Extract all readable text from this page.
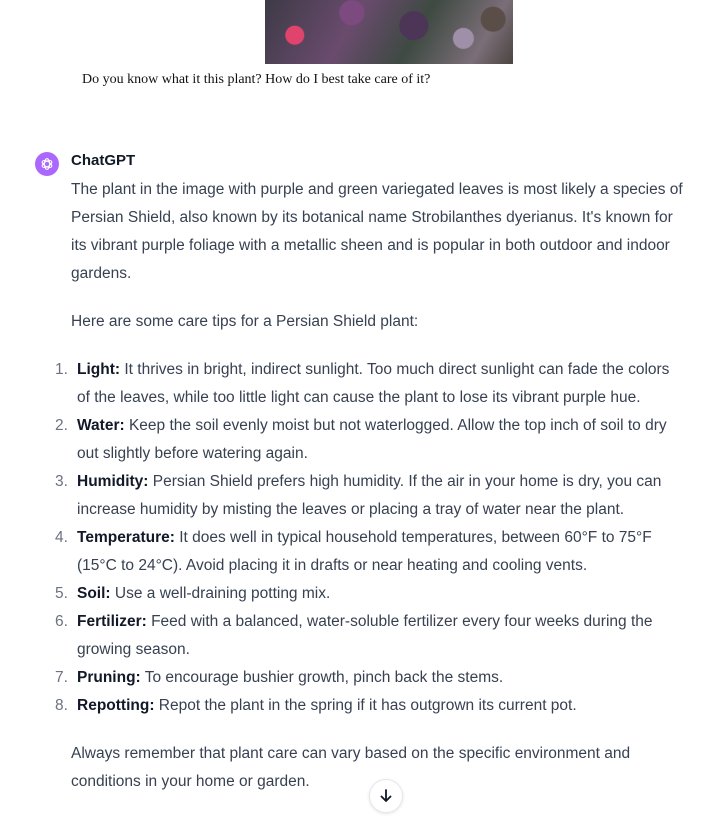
Do you know what it this plant? How do I best take care of it?
ChatGPT

The plant in the image with purple and green variegated leaves is most likely a species of Persian Shield, also known by its botanical name Strobilanthes dyerianus. It's known for its vibrant purple foliage with a metallic sheen and is popular in both outdoor and indoor gardens.

Here are some care tips for a Persian Shield plant:

1. Light: It thrives in bright, indirect sunlight. Too much direct sunlight can fade the colors of the leaves, while too little light can cause the plant to lose its vibrant purple hue.
2. Water: Keep the soil evenly moist but not waterlogged. Allow the top inch of soil to dry out slightly before watering again.
3. Humidity: Persian Shield prefers high humidity. If the air in your home is dry, you can increase humidity by misting the leaves or placing a tray of water near the plant.
4. Temperature: It does well in typical household temperatures, between 60°F to 75°F (15°C to 24°C). Avoid placing it in drafts or near heating and cooling vents.
5. Soil: Use a well-draining potting mix.
6. Fertilizer: Feed with a balanced, water-soluble fertilizer every four weeks during the growing season.
7. Pruning: To encourage bushier growth, pinch back the stems.
8. Repotting: Repot the plant in the spring if it has outgrown its current pot.

Always remember that plant care can vary based on the specific environment and conditions in your home or garden.
